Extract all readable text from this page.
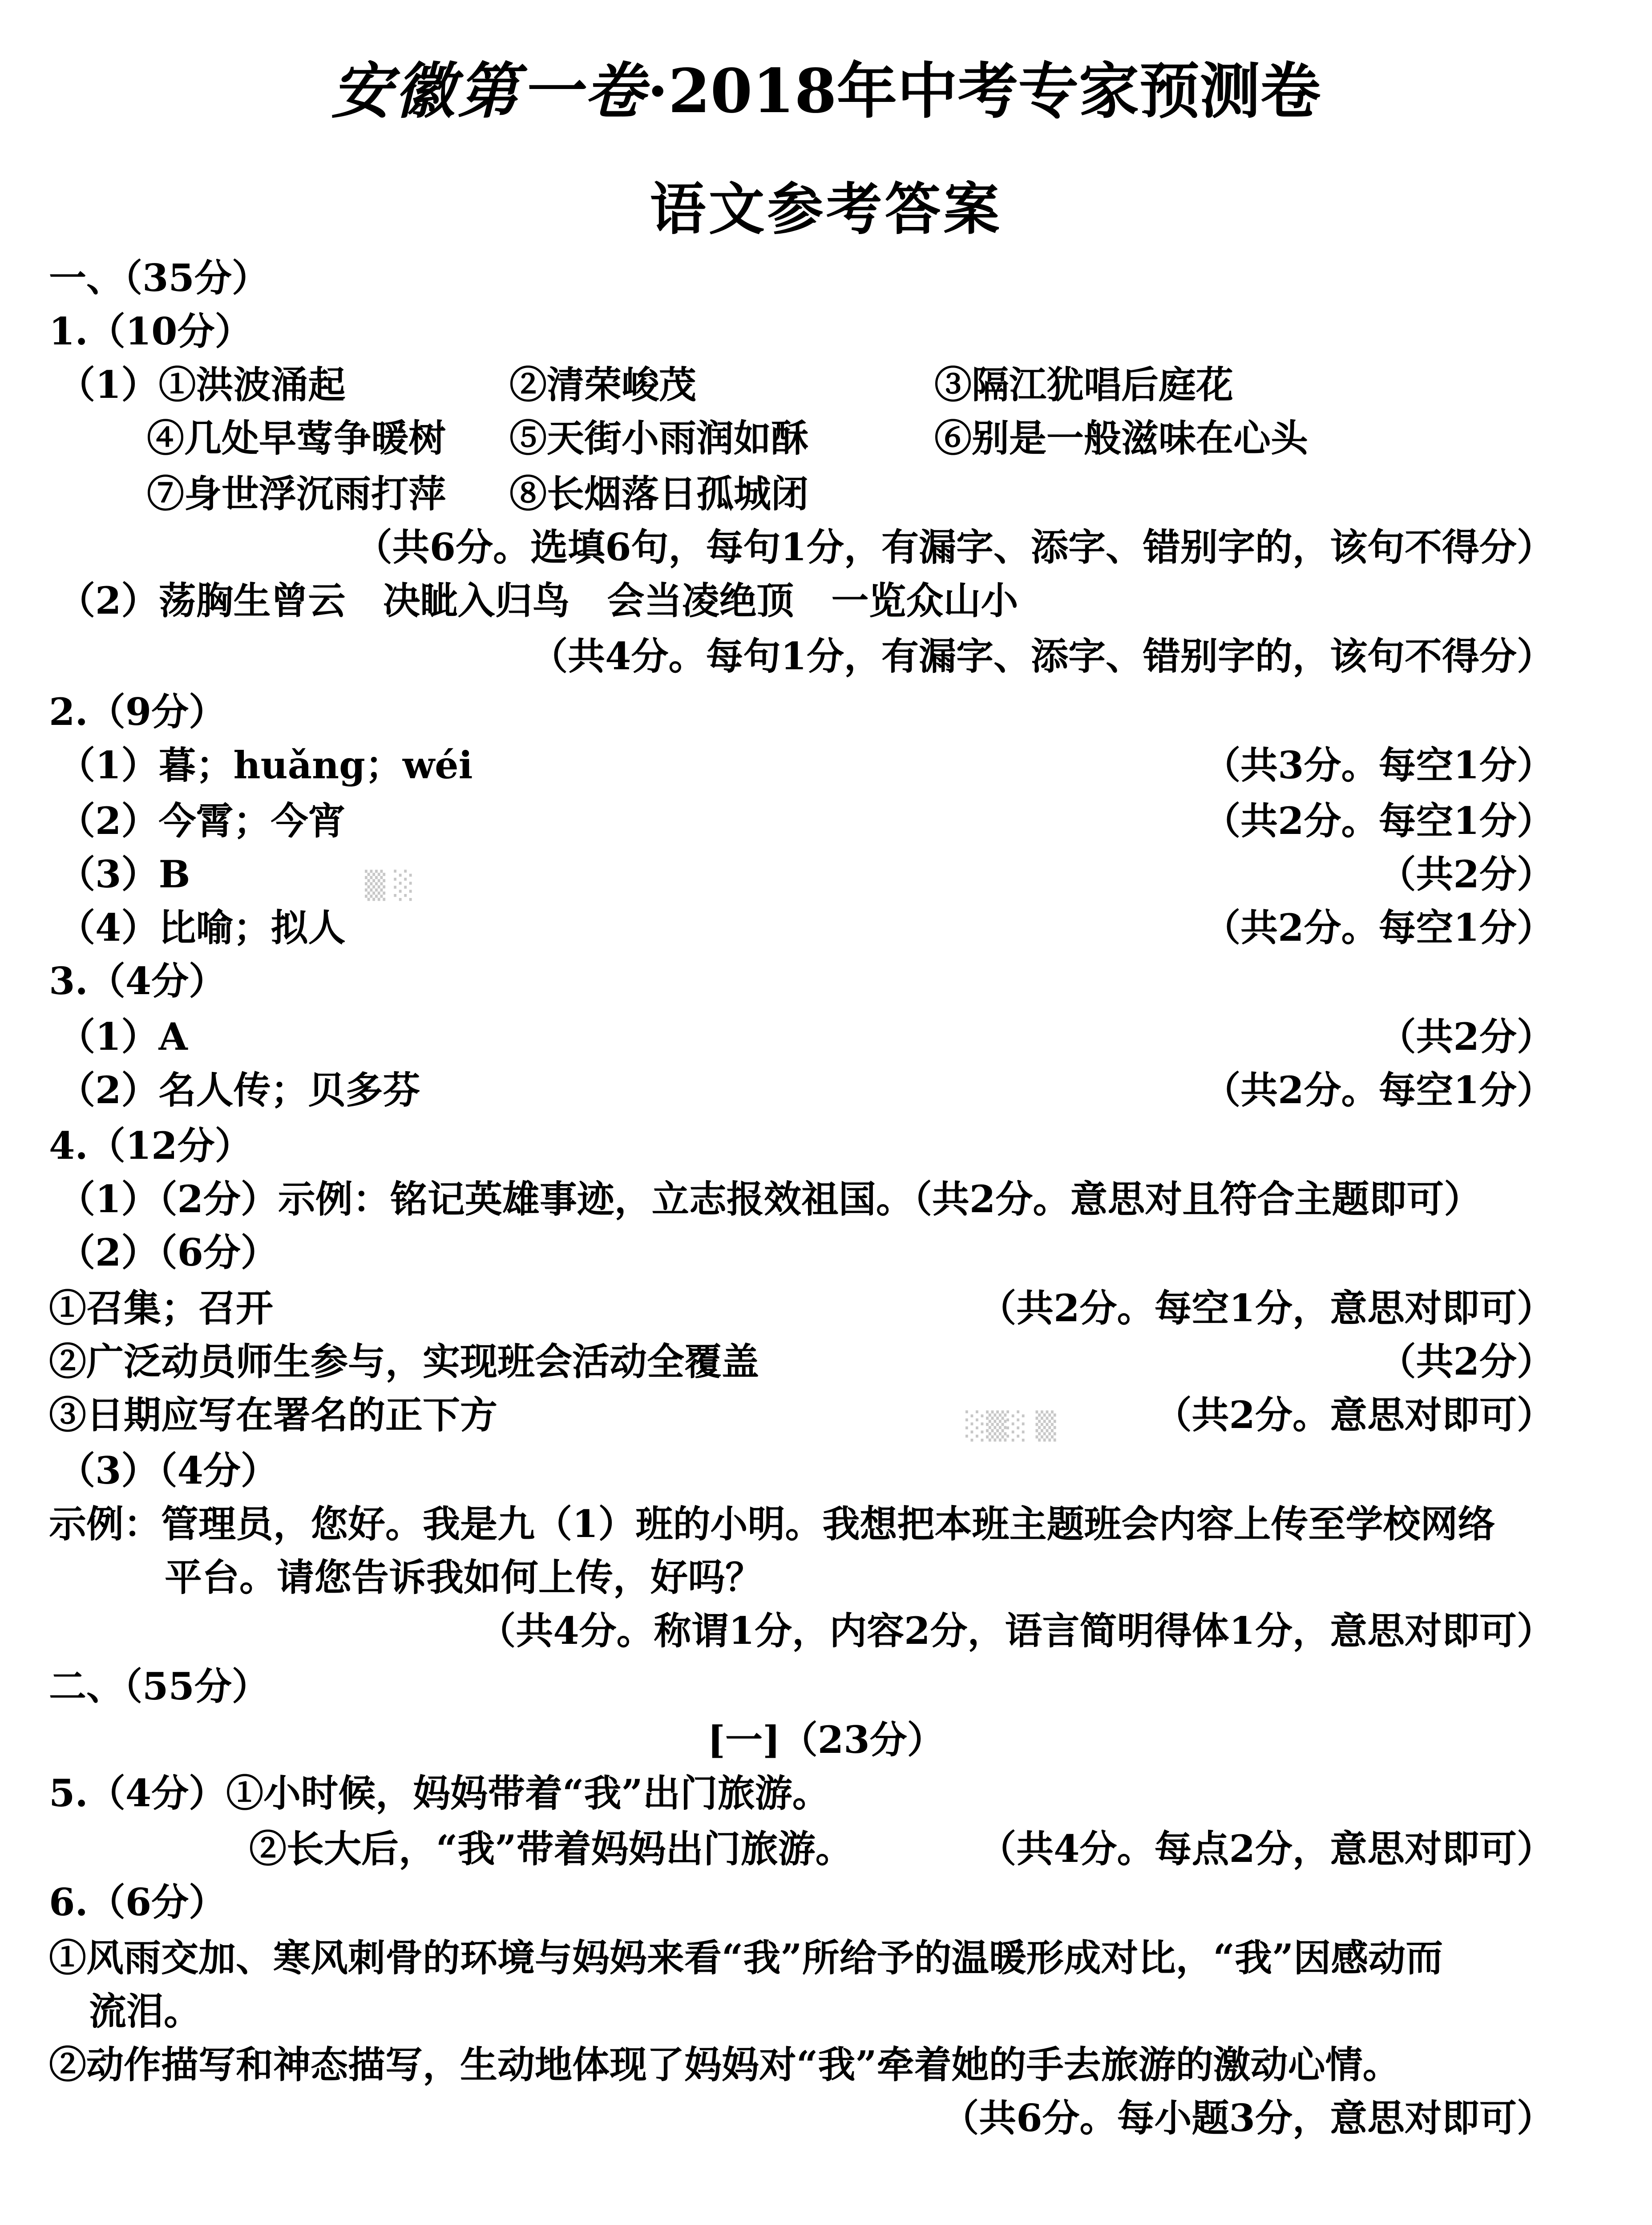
安徽第一卷·2018年中考专家预测卷
语文参考答案
一、（35分）
1.（10分）
（1）①洪波涌起	②清荣峻茂	③隔江犹唱后庭花
④几处早莺争暖树 ⑤天街小雨润如酥	⑥别是一般滋味在心头
⑦身世浮沉雨打萍 ⑧长烟落日孤城闭
（共6分。选填6句，每句1分，有漏字、添字、错别字的，该句不得分）
（2）荡胸生曾云　决眦入归鸟　会当凌绝顶　一览众山小
（共4分。每句1分，有漏字、添字、错别字的，该句不得分）
2.（9分）
（1）暮；huǎng；wéi	（共3分。每空1分）
（2）今霄；今宵	（共2分。每空1分）
（3）B	（共2分）
（4）比喻；拟人	（共2分。每空1分）
3.（4分）
（1）A	（共2分）
（2）名人传；贝多芬	（共2分。每空1分）
4.（12分）
（1）（2分）示例：铭记英雄事迹，立志报效祖国。（共2分。意思对且符合主题即可）
（2）（6分）
①召集；召开	（共2分。每空1分，意思对即可）
②广泛动员师生参与，实现班会活动全覆盖	（共2分）
③日期应写在署名的正下方	（共2分。意思对即可）
（3）（4分）
示例：管理员，您好。我是九（1）班的小明。我想把本班主题班会内容上传至学校网络
平台。请您告诉我如何上传，好吗？
（共4分。称谓1分，内容2分，语言简明得体1分，意思对即可）
二、（55分）
[一]（23分）
5.（4分）①小时候，妈妈带着“我”出门旅游。
②长大后，“我”带着妈妈出门旅游。	（共4分。每点2分，意思对即可）
6.（6分）
①风雨交加、寒风刺骨的环境与妈妈来看“我”所给予的温暖形成对比，“我”因感动而
流泪。
②动作描写和神态描写，生动地体现了妈妈对“我”牵着她的手去旅游的激动心情。
（共6分。每小题3分，意思对即可）
▒ ░
░▒░ ▒
